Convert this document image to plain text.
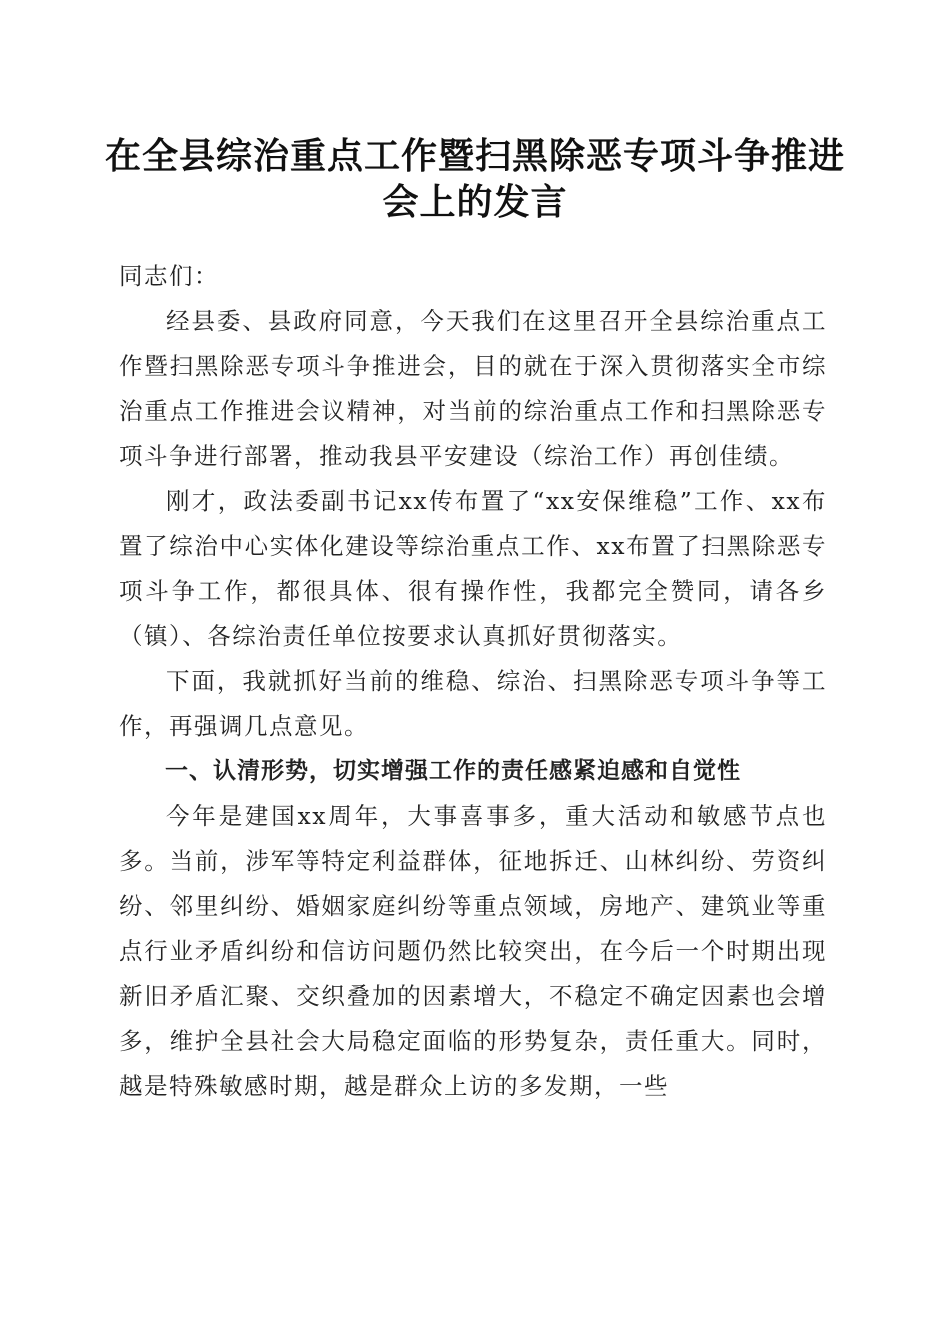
在全县综治重点工作暨扫黑除恶专项斗争推进会上的发言

同志们：

经县委、县政府同意，今天我们在这里召开全县综治重点工作暨扫黑除恶专项斗争推进会，目的就在于深入贯彻落实全市综治重点工作推进会议精神，对当前的综治重点工作和扫黑除恶专项斗争进行部署，推动我县平安建设（综治工作）再创佳绩。

刚才，政法委副书记xx传布置了“xx安保维稳”工作、xx布置了综治中心实体化建设等综治重点工作、xx布置了扫黑除恶专项斗争工作，都很具体、很有操作性，我都完全赞同，请各乡（镇）、各综治责任单位按要求认真抓好贯彻落实。

下面，我就抓好当前的维稳、综治、扫黑除恶专项斗争等工作，再强调几点意见。

一、认清形势，切实增强工作的责任感紧迫感和自觉性

今年是建国xx周年，大事喜事多，重大活动和敏感节点也多。当前，涉军等特定利益群体，征地拆迁、山林纠纷、劳资纠纷、邻里纠纷、婚姻家庭纠纷等重点领域，房地产、建筑业等重点行业矛盾纠纷和信访问题仍然比较突出，在今后一个时期出现新旧矛盾汇聚、交织叠加的因素增大，不稳定不确定因素也会增多，维护全县社会大局稳定面临的形势复杂，责任重大。同时，越是特殊敏感时期，越是群众上访的多发期，一些
